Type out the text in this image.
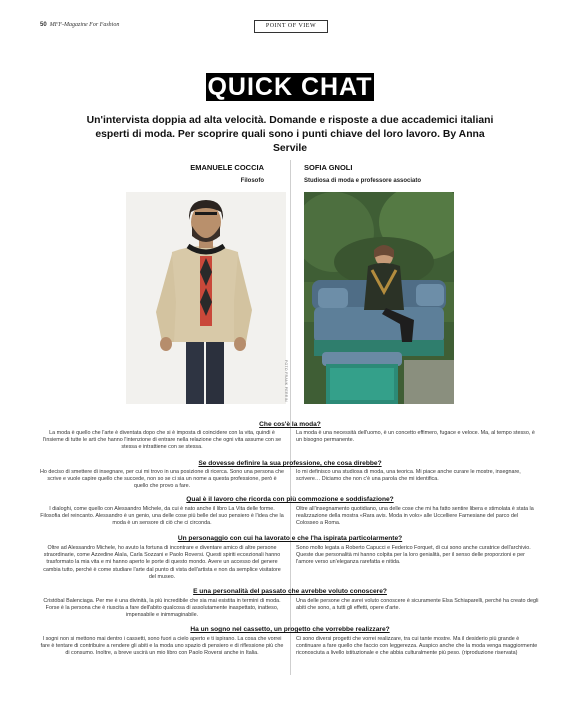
50 MFF-Magazine For Fashion	POINT OF VIEW
QUICK CHAT
Un'intervista doppia ad alta velocità. Domande e risposte a due accademici italiani esperti di moda. Per scoprire quali sono i punti chiave del loro lavoro. By Anna Servile
EMANUELE COCCIA
Filosofo
SOFIA GNOLI
Studiosa di moda e professore associato
FOTO FRANK PERRIN
Che cos'è la moda?
La moda è quello che l'arte è diventata dopo che si è imposta di coincidere con la vita, quindi è l'insieme di tutte le arti che hanno l'intenzione di entrare nella relazione che ogni vita assume con se stessa e intrattiene con se stessa.
La moda è una necessità dell'uomo, è un concetto effimero, fugace e veloce. Ma, al tempo stesso, è un bisogno permanente.
Se dovesse definire la sua professione, che cosa direbbe?
Ho deciso di smettere di insegnare, per cui mi trovo in una posizione di ricerca. Sono una persona che scrive e vuole capire quello che succede, non so se ci sia un nome a questa professione, però è quello che provo a fare.
Io mi definisco una studiosa di moda, una teorica. Mi piace anche curare le mostre, insegnare, scrivere… Diciamo che non c'è una parola che mi identifica.
Qual è il lavoro che ricorda con più commozione e soddisfazione?
I dialoghi, come quello con Alessandro Michele, da cui è nato anche il libro La Vita delle forme. Filosofia del reincanto. Alessandro è un genio, una delle cose più belle del suo pensiero è l'idea che la moda è un sensore di ciò che ci circonda.
Oltre all'insegnamento quotidiano, una delle cose che mi ha fatto sentire libera e stimolata è stata la realizzazione della mostra «Rara avis. Moda in volo» alle Uccelliere Farnesiane del parco del Colosseo a Roma.
Un personaggio con cui ha lavorato e che l'ha ispirata particolarmente?
Oltre ad Alessandro Michele, ho avuto la fortuna di incontrare e diventare amico di altre persone straordinarie, come Azzedine Alaïa, Carla Sozzani e Paolo Roversi. Questi spiriti eccezionali hanno trasformato la mia vita e mi hanno aperto le porte di questo mondo. Avere un accesso del genere cambia tutto, perché è come studiare l'arte dal punto di vista dell'artista e non da semplice visitatore del museo.
Sono molto legata a Roberto Capucci e Federico Forquet, di cui sono anche curatrice dell'archivio. Queste due personalità mi hanno colpita per la loro genialità, per il senso delle proporzioni e per l'amore verso un'eleganza rarefatta e nitida.
E una personalità del passato che avrebbe voluto conoscere?
Cristóbal Balenciaga. Per me è una divinità, la più incredibile che sia mai esistita in termini di moda. Forse è la persona che è riuscita a fare dell'abito qualcosa di assolutamente inaspettato, inatteso, impensabile e inimmaginabile.
Una delle persone che avrei voluto conoscere è sicuramente Elsa Schiaparelli, perché ha creato degli abiti che sono, a tutti gli effetti, opere d'arte.
Ha un sogno nel cassetto, un progetto che vorrebbe realizzare?
I sogni non si mettono mai dentro i cassetti, sono fuori a cielo aperto e ti ispirano. La cosa che vorrei fare è tentare di contribuire a rendere gli abiti e la moda uno spazio di pensiero e di riflessione più che di consumo. Inoltre, a breve uscirà un mio libro con Paolo Roversi anche in Italia.
Ci sono diversi progetti che vorrei realizzare, tra cui tante mostre. Ma il desiderio più grande è continuare a fare quello che faccio con leggerezza. Auspico anche che la moda venga maggiormente riconosciuta a livello istituzionale e che abbia culturalmente più peso. (riproduzione riservata)
